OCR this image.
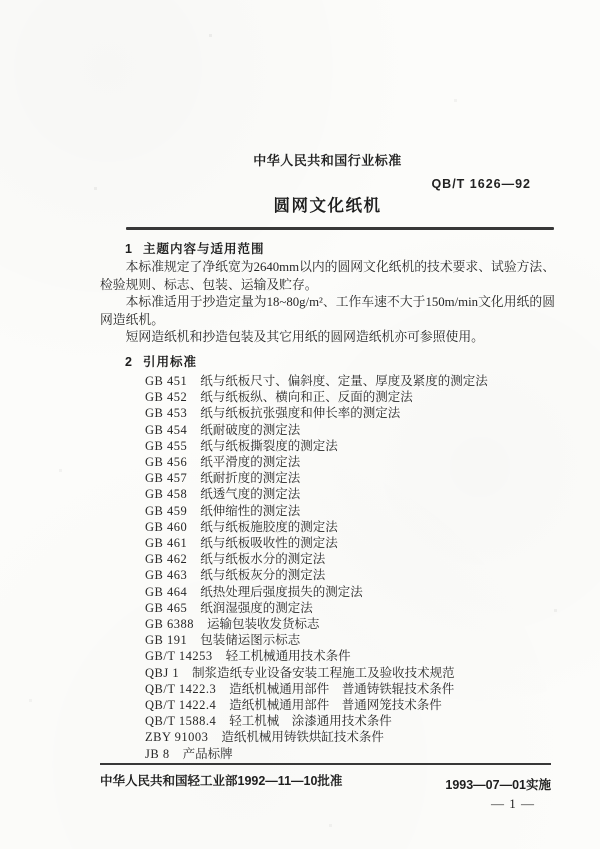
中华人民共和国行业标准
QB/T 1626—92
圆网文化纸机
1 主题内容与适用范围

本标准规定了净纸宽为2640mm以内的圆网文化纸机的技术要求、试验方法、检验规则、标志、包装、运输及贮存。

本标准适用于抄造定量为18~80g/m²、工作车速不大于150m/min文化用纸的圆网造纸机。

短网造纸机和抄造包装及其它用纸的圆网造纸机亦可参照使用。

2 引用标准
GB 451 纸与纸板尺寸、偏斜度、定量、厚度及紧度的测定法
GB 452 纸与纸板纵、横向和正、反面的测定法
GB 453 纸与纸板抗张强度和伸长率的测定法
GB 454 纸耐破度的测定法
GB 455 纸与纸板撕裂度的测定法
GB 456 纸平滑度的测定法
GB 457 纸耐折度的测定法
GB 458 纸透气度的测定法
GB 459 纸伸缩性的测定法
GB 460 纸与纸板施胶度的测定法
GB 461 纸与纸板吸收性的测定法
GB 462 纸与纸板水分的测定法
GB 463 纸与纸板灰分的测定法
GB 464 纸热处理后强度损失的测定法
GB 465 纸润湿强度的测定法
GB 6388 运输包装收发货标志
GB 191 包装储运图示标志
GB/T 14253 轻工机械通用技术条件
QBJ 1 制浆造纸专业设备安装工程施工及验收技术规范
QB/T 1422.3 造纸机械通用部件　普通铸铁辊技术条件
QB/T 1422.4 造纸机械通用部件　普通网笼技术条件
QB/T 1588.4 轻工机械　涂漆通用技术条件
ZBY 91003 造纸机械用铸铁烘缸技术条件
JB 8 产品标牌
中华人民共和国轻工业部1992—11—10批准	1993—07—01实施
— 1 —
